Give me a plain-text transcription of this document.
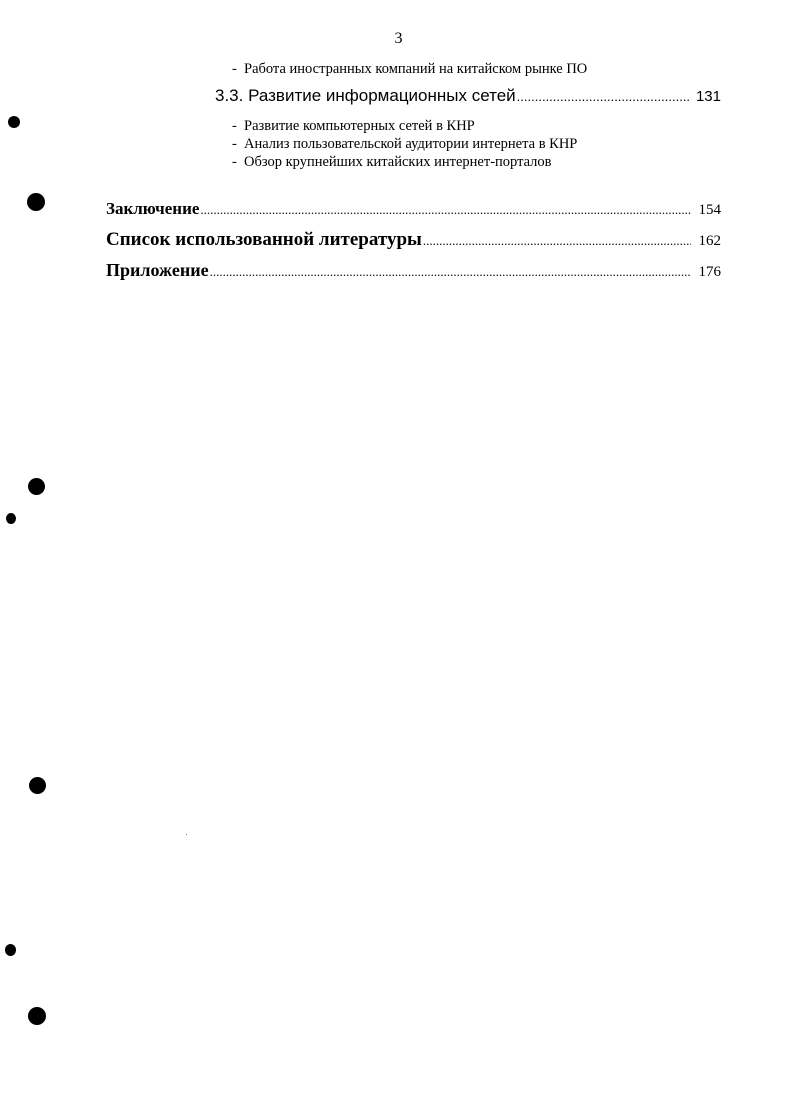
3
- Работа иностранных компаний на китайском рынке ПО
3.3. Развитие информационных сетей .....	131
- Развитие компьютерных сетей в КНР
- Анализ пользовательской аудитории интернета в КНР
- Обзор крупнейших китайских интернет-порталов
Заключение .....	154
Список использованной литературы .....	162
Приложение .....	176
